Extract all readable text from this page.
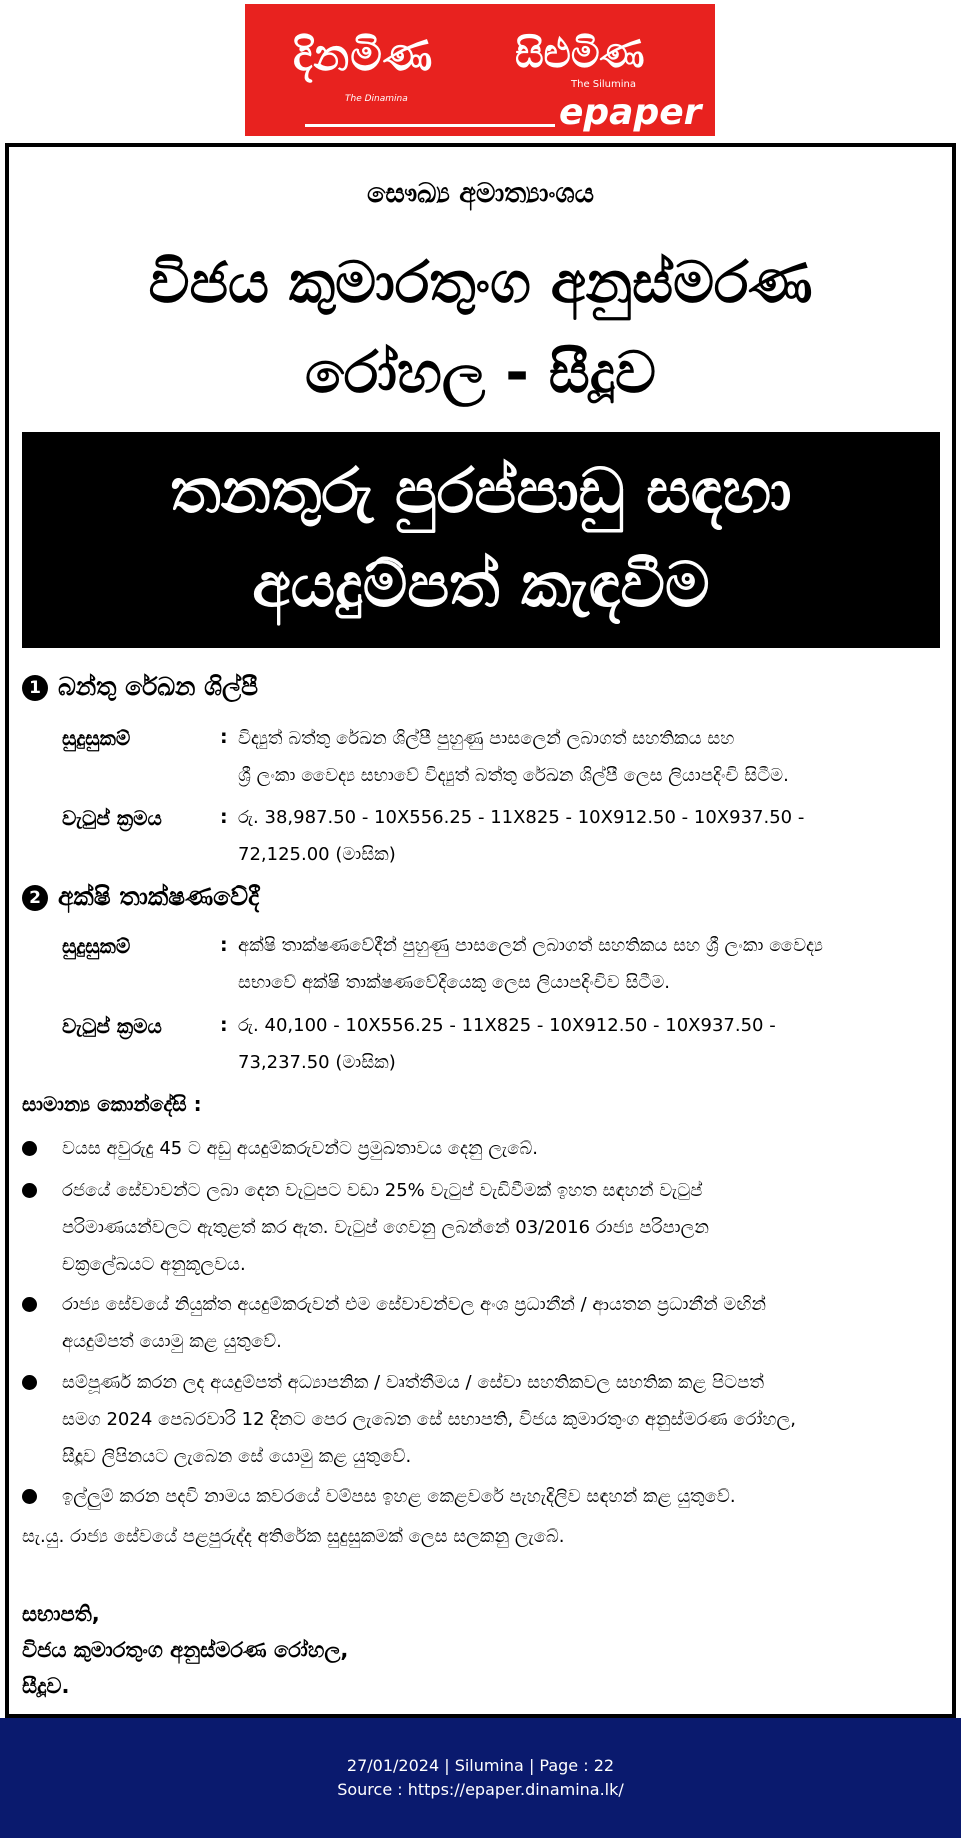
දිනමිණ
The Dinamina
සිළුමිණ
The Silumina
epaper
සෞඛ්‍ය අමාත්‍යාංශය
විජය කුමාරතුංග අනුස්මරණ
රෝහල - සීදූව
තනතුරු පුරප්පාඩු සඳහා
අයදුම්පත් කැඳවීම
1 බන්තු රේඛන ශිල්පී
සුදුසුකම්	: විද්‍යුත් බත්තු රේඛන ශිල්පී පුහුණු පාසලෙන් ලබාගත් සහතිකය සහ
ශ්‍රී ලංකා වෛද්‍ය සභාවේ විද්‍යුත් බත්තු රේඛන ශිල්පී ලෙස ලියාපදිංචි සිටීම.
වැටුප් ක්‍රමය	: රු. 38,987.50 - 10X556.25 - 11X825 - 10X912.50 - 10X937.50 -
72,125.00 (මාසික)
2 අක්ෂි තාක්ෂණවේදී
සුදුසුකම්	: අක්ෂි තාක්ෂණවේදීන් පුහුණු පාසලෙන් ලබාගත් සහතිකය සහ ශ්‍රී ලංකා වෛද්‍ය
සභාවේ අක්ෂි තාක්ෂණවේදියෙකු ලෙස ලියාපදිංචිව සිටීම.
වැටුප් ක්‍රමය	: රු. 40,100 - 10X556.25 - 11X825 - 10X912.50 - 10X937.50 -
73,237.50 (මාසික)
සාමාන්‍ය කොන්දේසි :
වයස අවුරුදු 45 ට අඩු අයදුම්කරුවන්ට ප්‍රමුඛතාවය දෙනු ලැබේ.
රජයේ සේවාවන්ට ලබා දෙන වැටුපට වඩා 25% වැටුප් වැඩිවීමක් ඉහත සඳහන් වැටුප්
පරිමාණයන්වලට ඇතුළත් කර ඇත. වැටුප් ගෙවනු ලබන්නේ 03/2016 රාජ්‍ය පරිපාලන
චක්‍රලේඛයට අනුකූලවය.
රාජ්‍ය සේවයේ නියුක්ත අයදුම්කරුවන් එම සේවාවන්වල අංශ ප්‍රධානීන් / ආයතන ප්‍රධානීන් මඟින්
අයදුම්පත් යොමු කළ යුතුවේ.
සම්පූර්ණ කරන ලද අයදුම්පත් අධ්‍යාපනික / වෘත්තීමය / සේවා සහතිකවල සහතික කළ පිටපත්
සමග 2024 පෙබරවාරි 12 දිනට පෙර ලැබෙන සේ සභාපති, විජය කුමාරතුංග අනුස්මරණ රෝහල,
සීදූව ලිපිනයට ලැබෙන සේ යොමු කළ යුතුවේ.
ඉල්ලුම් කරන පදවි නාමය කවරයේ වම්පස ඉහළ කෙළවරේ පැහැදිලිව සඳහන් කළ යුතුවේ.
සැ.යු. රාජ්‍ය සේවයේ පළපුරුද්ද අතිරේක සුදුසුකමක් ලෙස සලකනු ලැබේ.
සභාපති,
විජය කුමාරතුංග අනුස්මරණ රෝහල,
සීදූව.
27/01/2024 | Silumina | Page : 22
Source : https://epaper.dinamina.lk/
